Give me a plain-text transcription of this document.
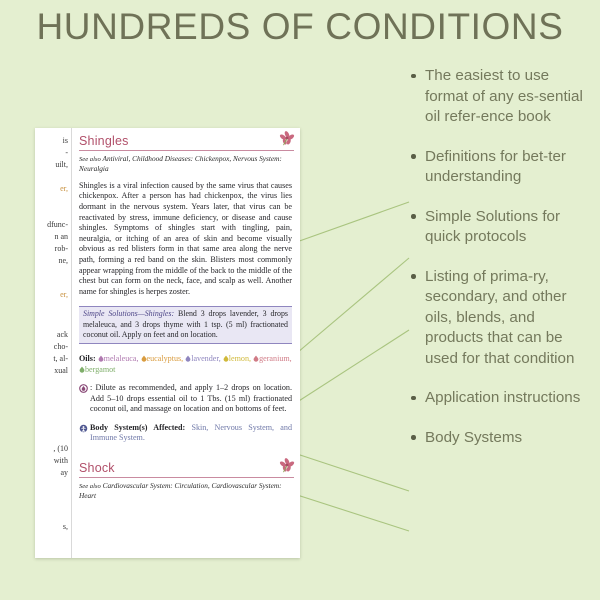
HUNDREDS OF CONDITIONS
is
-
uilt,
er,
dfunc-
n an
rob-
ne,
er,
ack
cho-
t, al-
xual
, (10
with
ay
s,
Shingles
See also Antiviral, Childhood Diseases: Chickenpox, Nervous System: Neuralgia
Shingles is a viral infection caused by the same virus that causes chickenpox. After a person has had chickenpox, the virus lies dormant in the nervous system. Years later, that virus can be reactivated by stress, immune deficiency, or disease and cause shingles. Symptoms of shingles start with tingling, pain, neuralgia, or itching of an area of skin and become visually obvious as red blisters form in that same area along the nerve path, forming a red band on the skin. Blisters most commonly appear wrapping from the middle of the back to the middle of the chest but can form on the neck, face, and scalp as well. Another name for shingles is herpes zoster.
Simple Solutions—Shingles: Blend 3 drops lavender, 3 drops melaleuca, and 3 drops thyme with 1 tsp. (5 ml) fractionated coconut oil. Apply on feet and on location.
Oils: melaleuca, eucalyptus, lavender, lemon, geranium,
bergamot
: Dilute as recommended, and apply 1–2 drops on location. Add 5–10 drops essential oil to 1 Tbs. (15 ml) fractionated coconut oil, and massage on location and on bottoms of feet.
Body System(s) Affected: Skin, Nervous System, and Immune System.
Shock
See also Cardiovascular System: Circulation, Cardiovascular System: Heart
The easiest to use format of any es-sential oil refer-ence book
Definitions for bet-ter understanding
Simple Solutions for quick protocols
Listing of prima-ry, secondary, and other oils, blends, and products that can be used for that condition
Application instructions
Body Systems
